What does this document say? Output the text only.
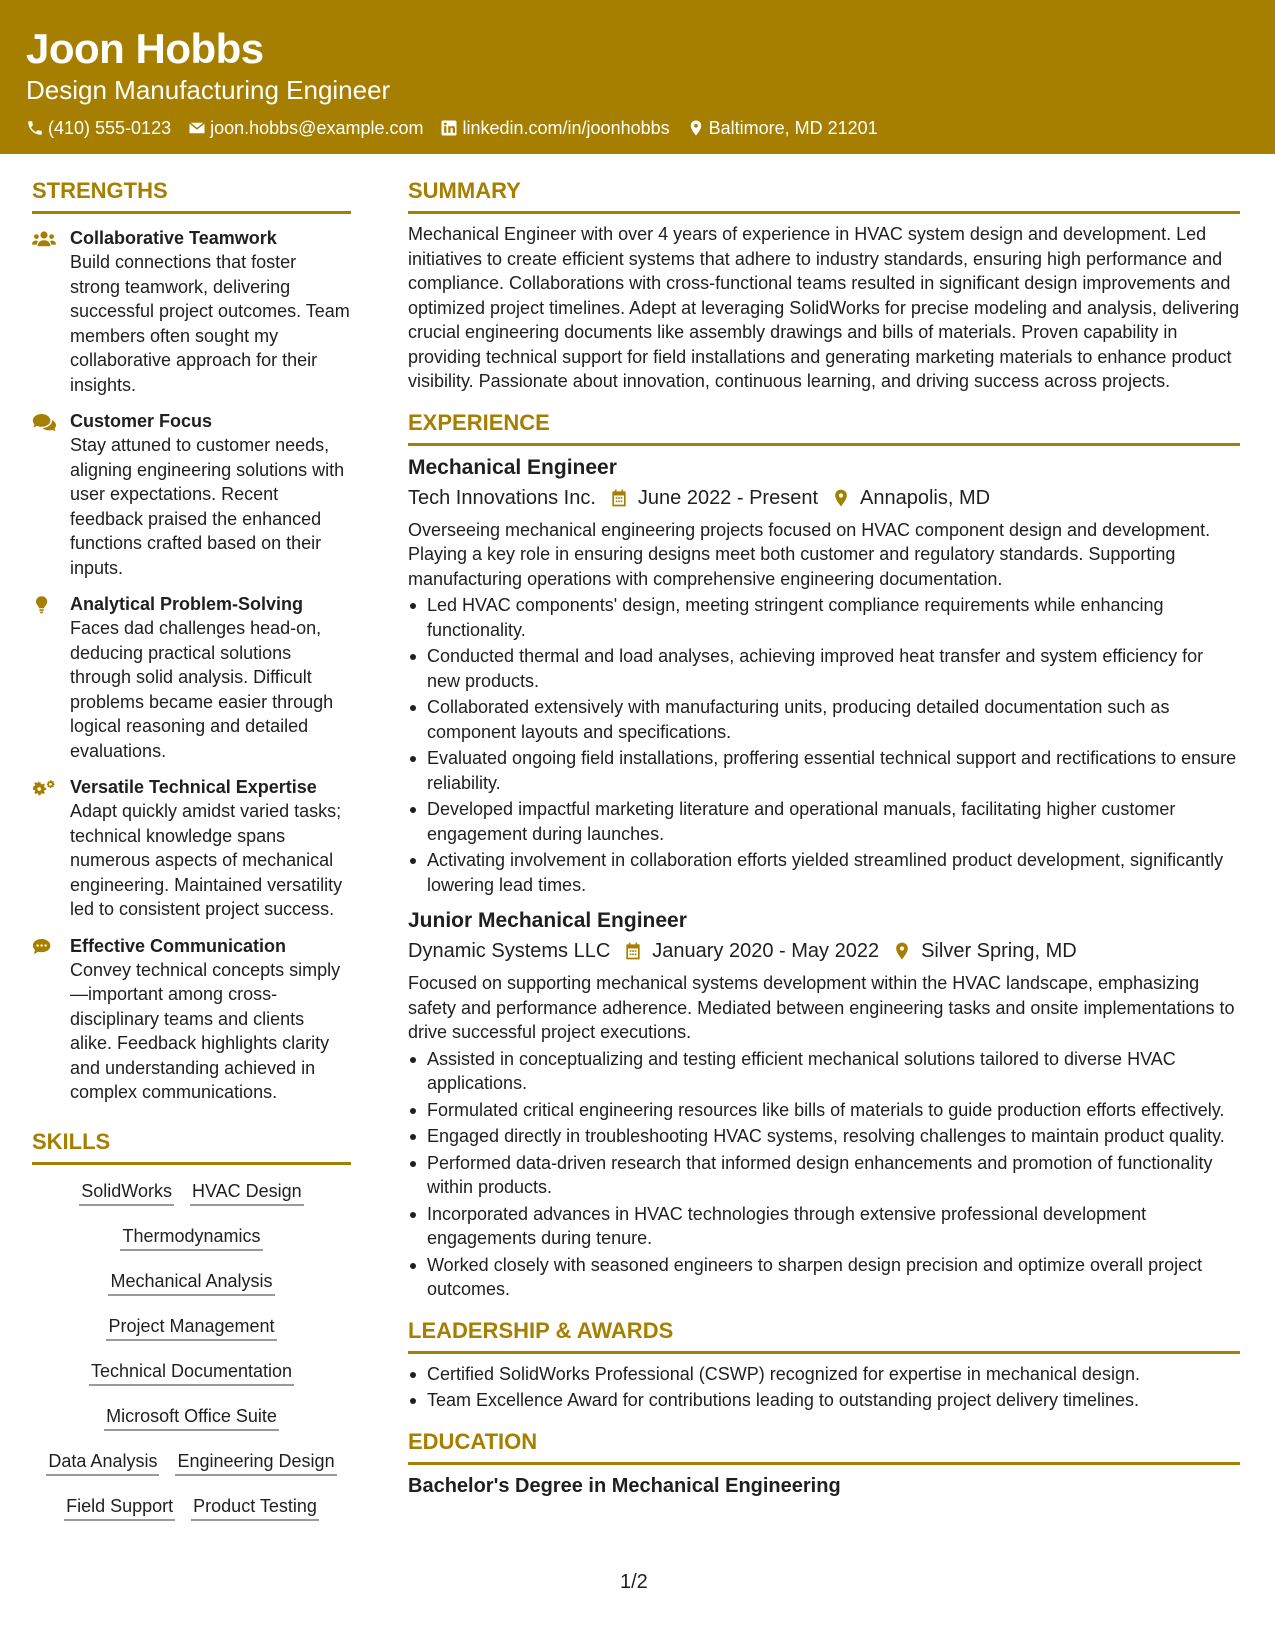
Joon Hobbs
Design Manufacturing Engineer
(410) 555-0123 joon.hobbs@example.com linkedin.com/in/joonhobbs Baltimore, MD 21201
STRENGTHS
Collaborative Teamwork
Build connections that foster strong teamwork, delivering successful project outcomes. Team members often sought my collaborative approach for their insights.
Customer Focus
Stay attuned to customer needs, aligning engineering solutions with user expectations. Recent feedback praised the enhanced functions crafted based on their inputs.
Analytical Problem-Solving
Faces dad challenges head-on, deducing practical solutions through solid analysis. Difficult problems became easier through logical reasoning and detailed evaluations.
Versatile Technical Expertise
Adapt quickly amidst varied tasks; technical knowledge spans numerous aspects of mechanical engineering. Maintained versatility led to consistent project success.
Effective Communication
Convey technical concepts simply—important among cross-disciplinary teams and clients alike. Feedback highlights clarity and understanding achieved in complex communications.
SKILLS
SolidWorks HVAC Design
Thermodynamics
Mechanical Analysis
Project Management
Technical Documentation
Microsoft Office Suite
Data Analysis Engineering Design
Field Support Product Testing
SUMMARY
Mechanical Engineer with over 4 years of experience in HVAC system design and development. Led initiatives to create efficient systems that adhere to industry standards, ensuring high performance and compliance. Collaborations with cross-functional teams resulted in significant design improvements and optimized project timelines. Adept at leveraging SolidWorks for precise modeling and analysis, delivering crucial engineering documents like assembly drawings and bills of materials. Proven capability in providing technical support for field installations and generating marketing materials to enhance product visibility. Passionate about innovation, continuous learning, and driving success across projects.
EXPERIENCE
Mechanical Engineer
Tech Innovations Inc. June 2022 - Present Annapolis, MD
Overseeing mechanical engineering projects focused on HVAC component design and development. Playing a key role in ensuring designs meet both customer and regulatory standards. Supporting manufacturing operations with comprehensive engineering documentation.
Led HVAC components' design, meeting stringent compliance requirements while enhancing functionality.
Conducted thermal and load analyses, achieving improved heat transfer and system efficiency for new products.
Collaborated extensively with manufacturing units, producing detailed documentation such as component layouts and specifications.
Evaluated ongoing field installations, proffering essential technical support and rectifications to ensure reliability.
Developed impactful marketing literature and operational manuals, facilitating higher customer engagement during launches.
Activating involvement in collaboration efforts yielded streamlined product development, significantly lowering lead times.
Junior Mechanical Engineer
Dynamic Systems LLC January 2020 - May 2022 Silver Spring, MD
Focused on supporting mechanical systems development within the HVAC landscape, emphasizing safety and performance adherence. Mediated between engineering tasks and onsite implementations to drive successful project executions.
Assisted in conceptualizing and testing efficient mechanical solutions tailored to diverse HVAC applications.
Formulated critical engineering resources like bills of materials to guide production efforts effectively.
Engaged directly in troubleshooting HVAC systems, resolving challenges to maintain product quality.
Performed data-driven research that informed design enhancements and promotion of functionality within products.
Incorporated advances in HVAC technologies through extensive professional development engagements during tenure.
Worked closely with seasoned engineers to sharpen design precision and optimize overall project outcomes.
LEADERSHIP & AWARDS
Certified SolidWorks Professional (CSWP) recognized for expertise in mechanical design.
Team Excellence Award for contributions leading to outstanding project delivery timelines.
EDUCATION
Bachelor's Degree in Mechanical Engineering
1/2
